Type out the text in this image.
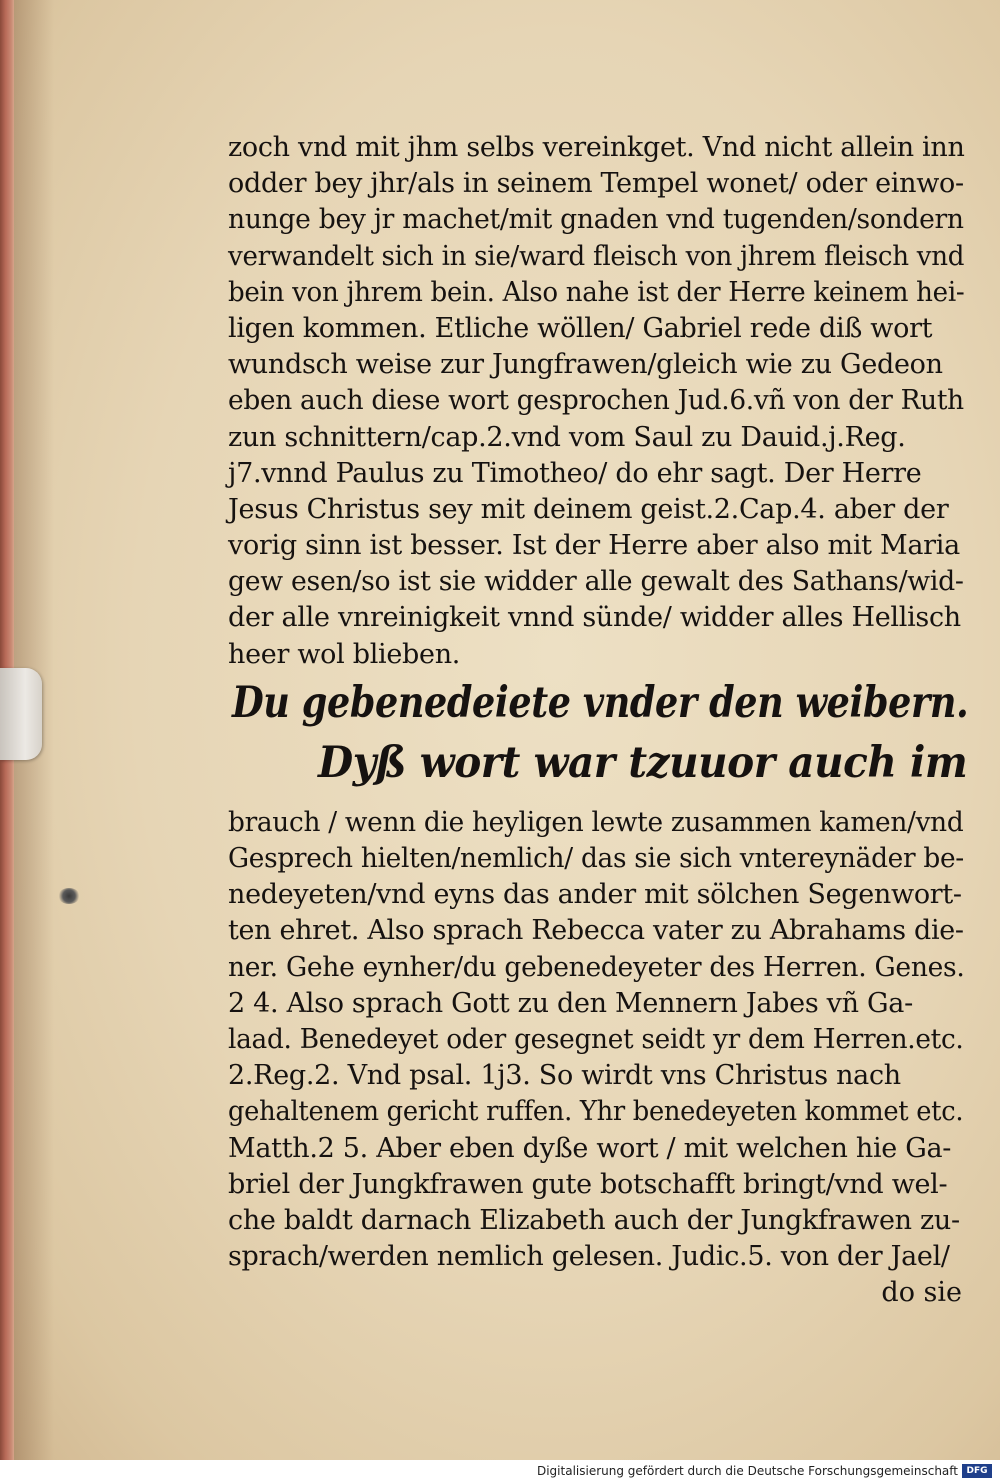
zoch vnd mit jhm selbs vereinkget. Vnd nicht allein inn
odder bey jhr/als in seinem Tempel wonet/ oder einwo-
nunge bey jr machet/mit gnaden vnd tugenden/sondern
verwandelt sich in sie/ward fleisch von jhrem fleisch vnd
bein von jhrem bein. Also nahe ist der Herre keinem hei-
ligen kommen. Etliche wöllen/ Gabriel rede diß wort
wundsch weise zur Jungfrawen/gleich wie zu Gedeon
eben auch diese wort gesprochen Jud.6.vñ von der Ruth
zun schnittern/cap.2.vnd vom Saul zu Dauid.j.Reg.
j7.vnnd Paulus zu Timotheo/ do ehr sagt. Der Herre
Jesus Christus sey mit deinem geist.2.Cap.4. aber der
vorig sinn ist besser. Ist der Herre aber also mit Maria
gew esen/so ist sie widder alle gewalt des Sathans/wid-
der alle vnreinigkeit vnnd sünde/ widder alles Hellisch
heer wol blieben.
Du gebenedeiete vnder den weibern.
Dyß wort war tzuuor auch im
brauch / wenn die heyligen lewte zusammen kamen/vnd
Gesprech hielten/nemlich/ das sie sich vntereynäder be-
nedeyeten/vnd eyns das ander mit sölchen Segenwort-
ten ehret. Also sprach Rebecca vater zu Abrahams die-
ner. Gehe eynher/du gebenedeyeter des Herren. Genes.
2 4. Also sprach Gott zu den Mennern Jabes vñ Ga-
laad. Benedeyet oder gesegnet seidt yr dem Herren.etc.
2.Reg.2. Vnd psal. 1j3. So wirdt vns Christus nach
gehaltenem gericht ruffen. Yhr benedeyeten kommet etc.
Matth.2 5. Aber eben dyße wort / mit welchen hie Ga-
briel der Jungkfrawen gute botschafft bringt/vnd wel-
che baldt darnach Elizabeth auch der Jungkfrawen zu-
sprach/werden nemlich gelesen. Judic.5. von der Jael/
do sie
Digitalisierung gefördert durch die Deutsche Forschungsgemeinschaft DFG
